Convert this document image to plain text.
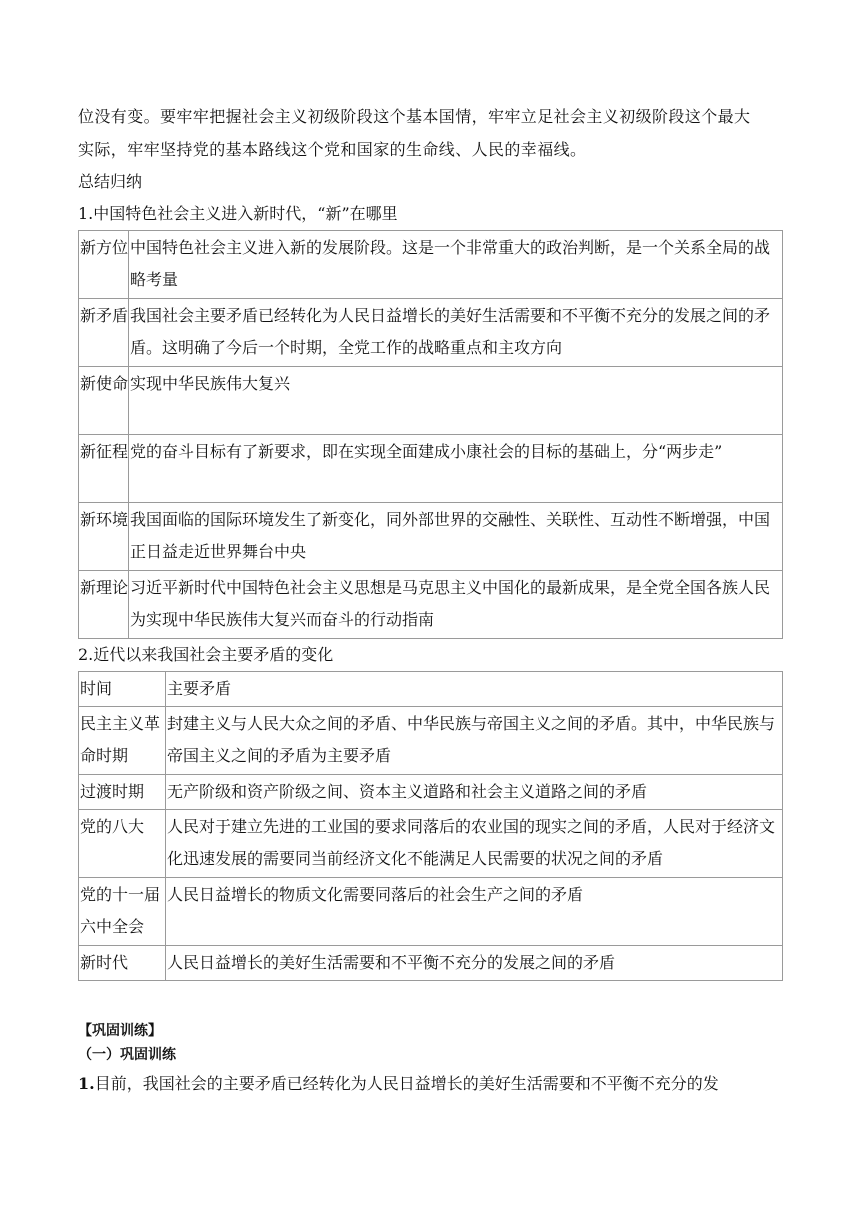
位没有变。要牢牢把握社会主义初级阶段这个基本国情，牢牢立足社会主义初级阶段这个最大

实际，牢牢坚持党的基本路线这个党和国家的生命线、人民的幸福线。

总结归纳

1.中国特色社会主义进入新时代，“新”在哪里

新方位	中国特色社会主义进入新的发展阶段。这是一个非常重大的政治判断，是一个关系全局的战略考量
新矛盾	我国社会主要矛盾已经转化为人民日益增长的美好生活需要和不平衡不充分的发展之间的矛盾。这明确了今后一个时期，全党工作的战略重点和主攻方向
新使命	实现中华民族伟大复兴
新征程	党的奋斗目标有了新要求，即在实现全面建成小康社会的目标的基础上，分“两步走”
新环境	我国面临的国际环境发生了新变化，同外部世界的交融性、关联性、互动性不断增强，中国正日益走近世界舞台中央
新理论	习近平新时代中国特色社会主义思想是马克思主义中国化的最新成果，是全党全国各族人民为实现中华民族伟大复兴而奋斗的行动指南

2.近代以来我国社会主要矛盾的变化

时间	主要矛盾
民主主义革命时期	封建主义与人民大众之间的矛盾、中华民族与帝国主义之间的矛盾。其中，中华民族与帝国主义之间的矛盾为主要矛盾
过渡时期	无产阶级和资产阶级之间、资本主义道路和社会主义道路之间的矛盾
党的八大	人民对于建立先进的工业国的要求同落后的农业国的现实之间的矛盾，人民对于经济文化迅速发展的需要同当前经济文化不能满足人民需要的状况之间的矛盾
党的十一届六中全会	人民日益增长的物质文化需要同落后的社会生产之间的矛盾
新时代	人民日益增长的美好生活需要和不平衡不充分的发展之间的矛盾

【巩固训练】

（一）巩固训练

1.目前，我国社会的主要矛盾已经转化为人民日益增长的美好生活需要和不平衡不充分的发
